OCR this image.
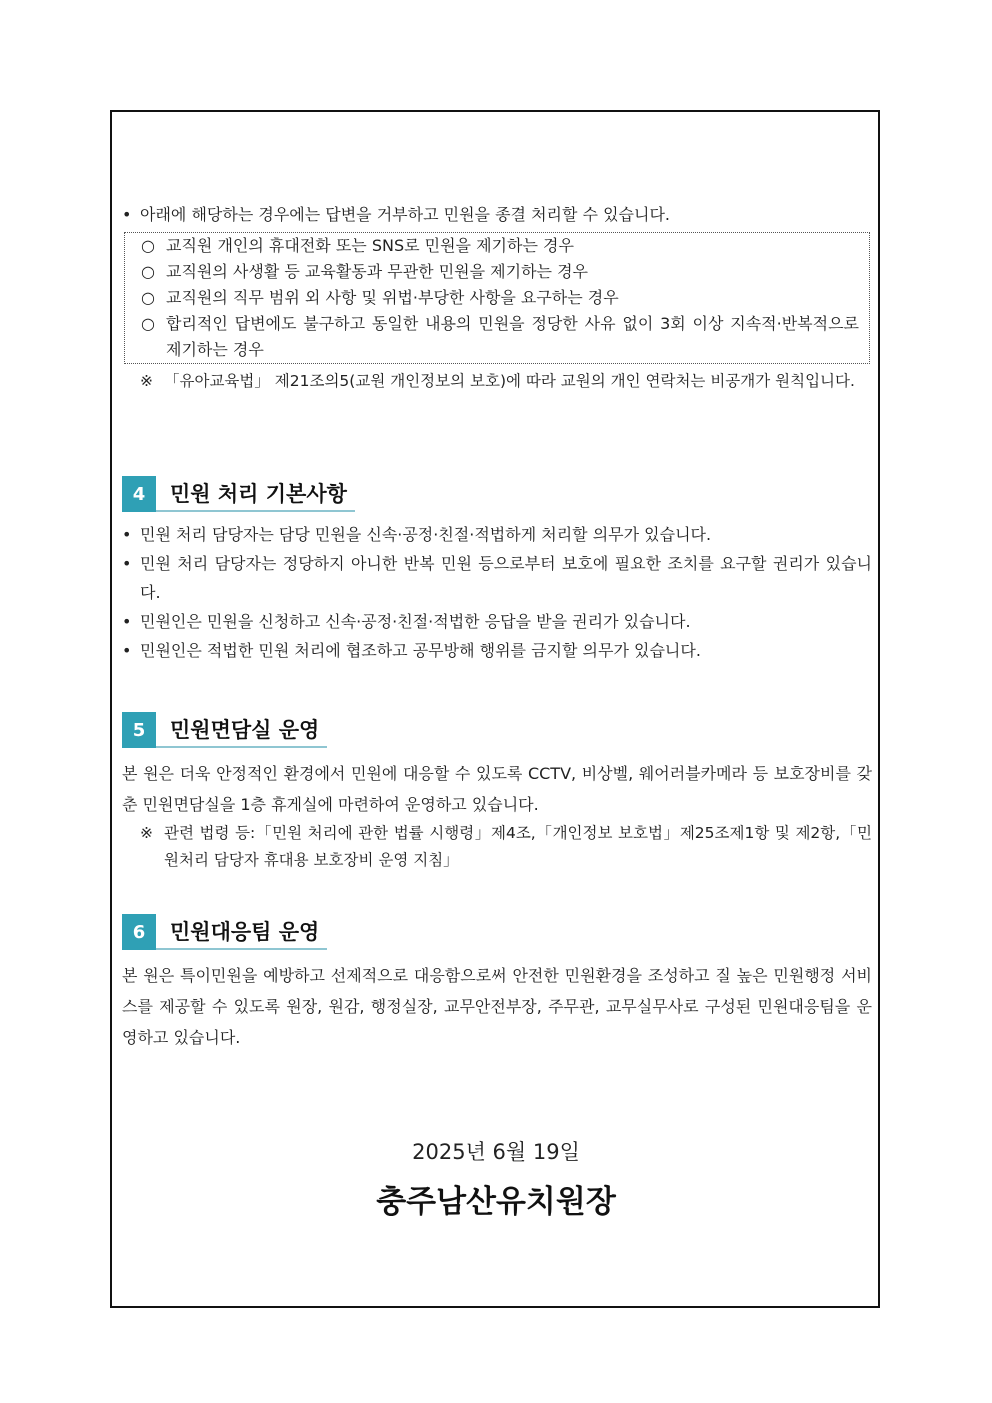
• 아래에 해당하는 경우에는 답변을 거부하고 민원을 종결 처리할 수 있습니다.
○ 교직원 개인의 휴대전화 또는 SNS로 민원을 제기하는 경우
○ 교직원의 사생활 등 교육활동과 무관한 민원을 제기하는 경우
○ 교직원의 직무 범위 외 사항 및 위법·부당한 사항을 요구하는 경우
○ 합리적인 답변에도 불구하고 동일한 내용의 민원을 정당한 사유 없이 3회 이상 지속적·반복적으로 제기하는 경우
※ 「유아교육법」 제21조의5(교원 개인정보의 보호)에 따라 교원의 개인 연락처는 비공개가 원칙입니다.
4	민원 처리 기본사항
• 민원 처리 담당자는 담당 민원을 신속·공정·친절·적법하게 처리할 의무가 있습니다.
• 민원 처리 담당자는 정당하지 아니한 반복 민원 등으로부터 보호에 필요한 조치를 요구할 권리가 있습니다.
• 민원인은 민원을 신청하고 신속·공정·친절·적법한 응답을 받을 권리가 있습니다.
• 민원인은 적법한 민원 처리에 협조하고 공무방해 행위를 금지할 의무가 있습니다.
5	민원면담실 운영
본 원은 더욱 안정적인 환경에서 민원에 대응할 수 있도록 CCTV, 비상벨, 웨어러블카메라 등 보호장비를 갖춘 민원면담실을 1층 휴게실에 마련하여 운영하고 있습니다.
※ 관련 법령 등:「민원 처리에 관한 법률 시행령」제4조,「개인정보 보호법」제25조제1항 및 제2항,「민원처리 담당자 휴대용 보호장비 운영 지침」
6	민원대응팀 운영
본 원은 특이민원을 예방하고 선제적으로 대응함으로써 안전한 민원환경을 조성하고 질 높은 민원행정 서비스를 제공할 수 있도록 원장, 원감, 행정실장, 교무안전부장, 주무관, 교무실무사로 구성된 민원대응팀을 운영하고 있습니다.
2025년 6월 19일
충주남산유치원장
